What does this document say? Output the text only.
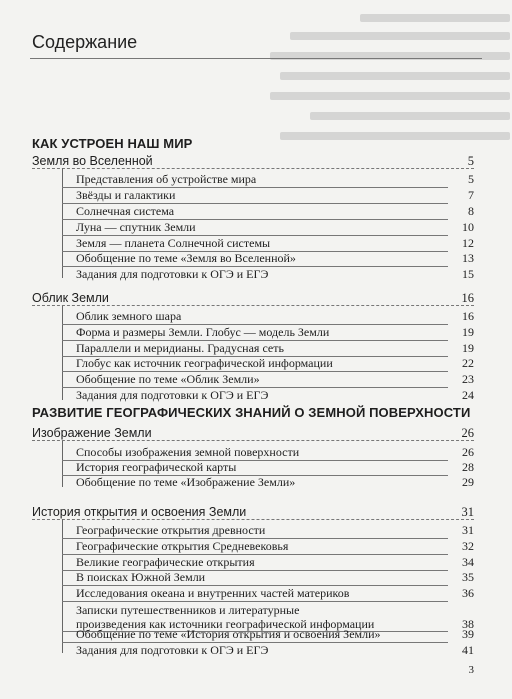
Содержание
КАК УСТРОЕН НАШ МИР
Земля во Вселенной	5
Представления об устройстве мира	5
Звёзды и галактики	7
Солнечная система	8
Луна — спутник Земли	10
Земля — планета Солнечной системы	12
Обобщение по теме «Земля во Вселенной»	13
Задания для подготовки к ОГЭ и ЕГЭ	15
Облик Земли	16
Облик земного шара	16
Форма и размеры Земли. Глобус — модель Земли	19
Параллели и меридианы. Градусная сеть	19
Глобус как источник географической информации	22
Обобщение по теме «Облик Земли»	23
Задания для подготовки к ОГЭ и ЕГЭ	24
РАЗВИТИЕ ГЕОГРАФИЧЕСКИХ ЗНАНИЙ О ЗЕМНОЙ ПОВЕРХНОСТИ
Изображение Земли	26
Способы изображения земной поверхности	26
История географической карты	28
Обобщение по теме «Изображение Земли»	29
История открытия и освоения Земли	31
Географические открытия древности	31
Географические открытия Средневековья	32
Великие географические открытия	34
В поисках Южной Земли	35
Исследования океана и внутренних частей материков	36
Записки путешественников и литературные
произведения как источники географической информации	38
Обобщение по теме «История открытия и освоения Земли»	39
Задания для подготовки к ОГЭ и ЕГЭ	41
3
